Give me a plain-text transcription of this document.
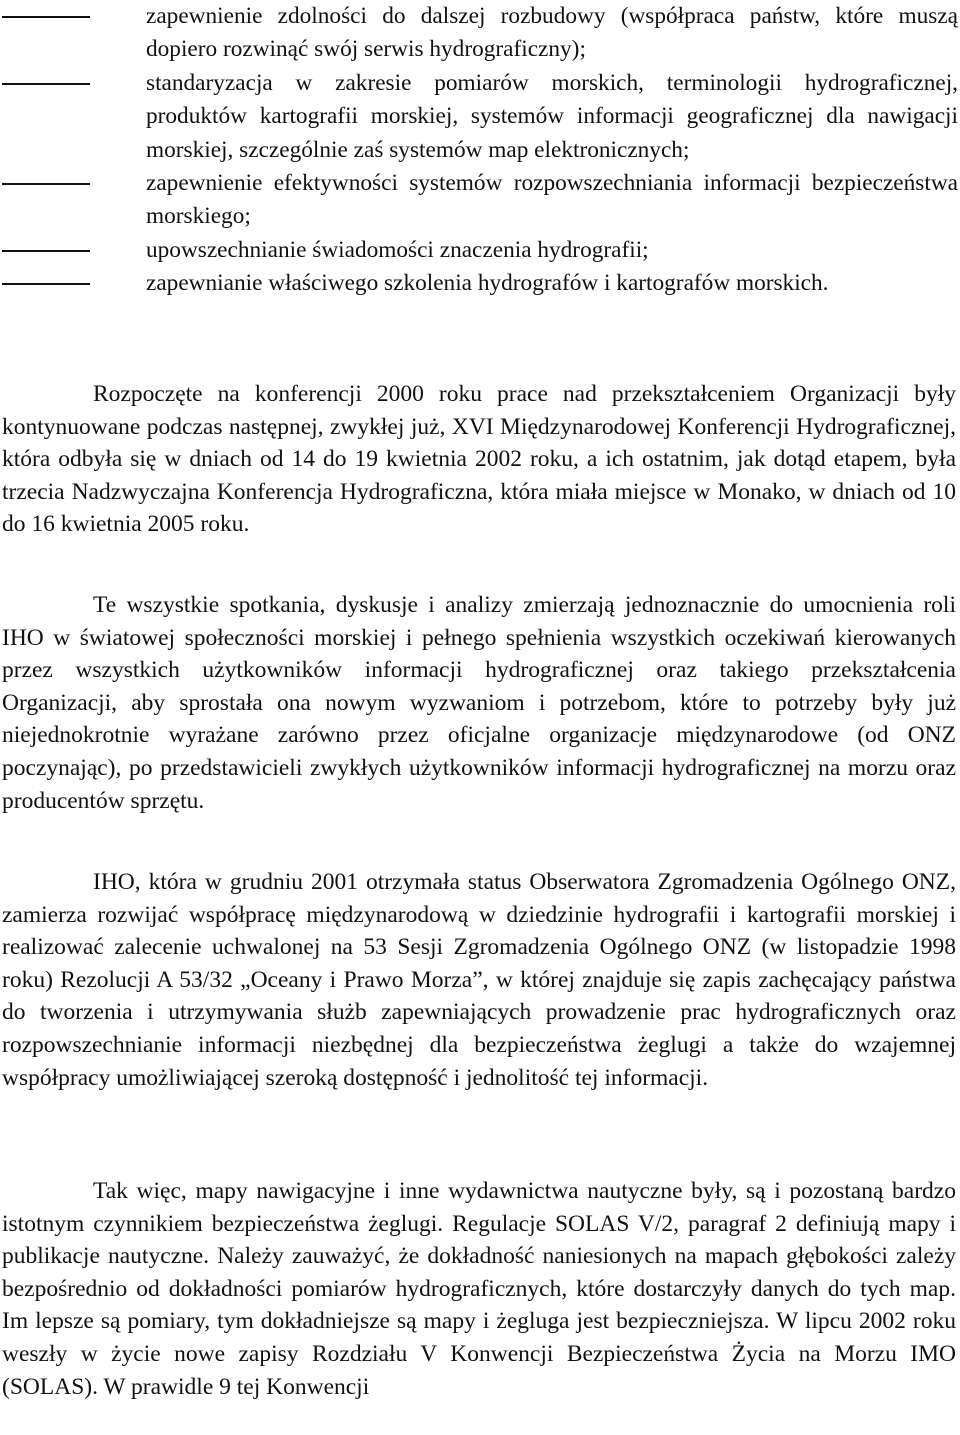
zapewnienie zdolności do dalszej rozbudowy (współpraca państw, które muszą dopiero rozwinąć swój serwis hydrograficzny);
standaryzacja w zakresie pomiarów morskich, terminologii hydrograficznej, produktów kartografii morskiej, systemów informacji geograficznej dla nawigacji morskiej, szczególnie zaś systemów map elektronicznych;
zapewnienie efektywności systemów rozpowszechniania informacji bezpieczeństwa morskiego;
upowszechnianie świadomości znaczenia hydrografii;
zapewnianie właściwego szkolenia hydrografów i kartografów morskich.

Rozpoczęte na konferencji 2000 roku prace nad przekształceniem Organizacji były kontynuowane podczas następnej, zwykłej już, XVI Międzynarodowej Konferencji Hydrograficznej, która odbyła się w dniach od 14 do 19 kwietnia 2002 roku, a ich ostatnim, jak dotąd etapem, była trzecia Nadzwyczajna Konferencja Hydrograficzna, która miała miejsce w Monako, w dniach od 10 do 16 kwietnia 2005 roku.

Te wszystkie spotkania, dyskusje i analizy zmierzają jednoznacznie do umocnienia roli IHO w światowej społeczności morskiej i pełnego spełnienia wszystkich oczekiwań kierowanych przez wszystkich użytkowników informacji hydrograficznej oraz takiego przekształcenia Organizacji, aby sprostała ona nowym wyzwaniom i potrzebom, które to potrzeby były już niejednokrotnie wyrażane zarówno przez oficjalne organizacje międzynarodowe (od ONZ poczynając), po przedstawicieli zwykłych użytkowników informacji hydrograficznej na morzu oraz producentów sprzętu.

IHO, która w grudniu 2001 otrzymała status Obserwatora Zgromadzenia Ogólnego ONZ, zamierza rozwijać współpracę międzynarodową w dziedzinie hydrografii i kartografii morskiej i realizować zalecenie uchwalonej na 53 Sesji Zgromadzenia Ogólnego ONZ (w listopadzie 1998 roku) Rezolucji A 53/32 „Oceany i Prawo Morza”, w której znajduje się zapis zachęcający państwa do tworzenia i utrzymywania służb zapewniających prowadzenie prac hydrograficznych oraz rozpowszechnianie informacji niezbędnej dla bezpieczeństwa żeglugi a także do wzajemnej współpracy umożliwiającej szeroką dostępność i jednolitość tej informacji.

Tak więc, mapy nawigacyjne i inne wydawnictwa nautyczne były, są i pozostaną bardzo istotnym czynnikiem bezpieczeństwa żeglugi. Regulacje SOLAS V/2, paragraf 2 definiują mapy i publikacje nautyczne. Należy zauważyć, że dokładność naniesionych na mapach głębokości zależy bezpośrednio od dokładności pomiarów hydrograficznych, które dostarczyły danych do tych map. Im lepsze są pomiary, tym dokładniejsze są mapy i żegluga jest bezpieczniejsza. W lipcu 2002 roku weszły w życie nowe zapisy Rozdziału V Konwencji Bezpieczeństwa Życia na Morzu IMO (SOLAS). W prawidle 9 tej Konwencji
